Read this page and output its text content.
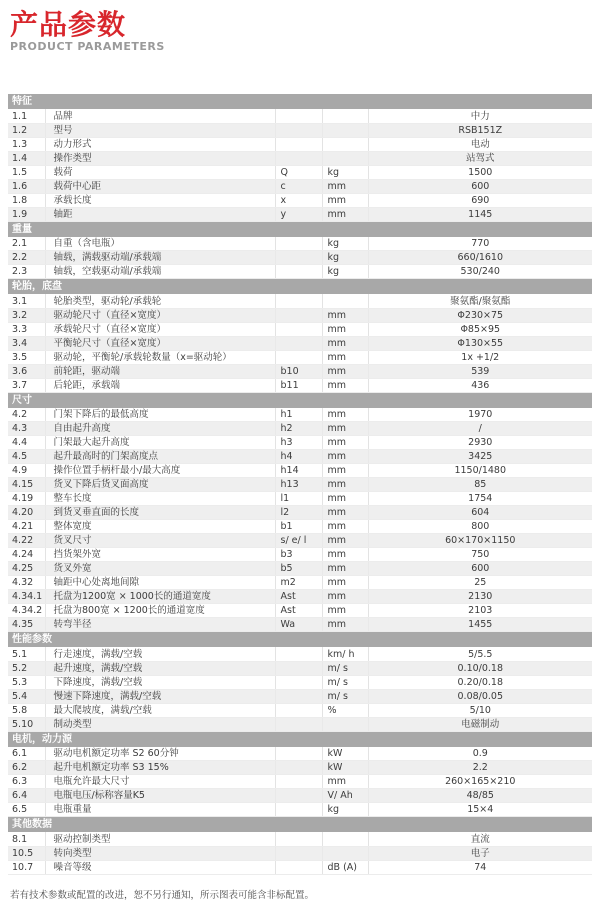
产品参数
PRODUCT PARAMETERS
特征				
1.1	品牌			中力
1.2	型号			RSB151Z
1.3	动力形式			电动
1.4	操作类型			站驾式
1.5	载荷	Q	kg	1500
1.6	载荷中心距	c	mm	600
1.8	承载长度	x	mm	690
1.9	轴距	y	mm	1145
重量				
2.1	自重（含电瓶）		kg	770
2.2	轴载，满载驱动端/承载端		kg	660/1610
2.3	轴载，空载驱动端/承载端		kg	530/240
轮胎，底盘				
3.1	轮胎类型，驱动轮/承载轮			聚氨酯/聚氨酯
3.2	驱动轮尺寸（直径×宽度）		mm	Φ230×75
3.3	承载轮尺寸（直径×宽度）		mm	Φ85×95
3.4	平衡轮尺寸（直径×宽度）		mm	Φ130×55
3.5	驱动轮，平衡轮/承载轮数量（x=驱动轮）		mm	1x +1/2
3.6	前轮距，驱动端	b10	mm	539
3.7	后轮距，承载端	b11	mm	436
尺寸				
4.2	门架下降后的最低高度	h1	mm	1970
4.3	自由起升高度	h2	mm	/
4.4	门架最大起升高度	h3	mm	2930
4.5	起升最高时的门架高度点	h4	mm	3425
4.9	操作位置手柄杆最小/最大高度	h14	mm	1150/1480
4.15	货叉下降后货叉面高度	h13	mm	85
4.19	整车长度	l1	mm	1754
4.20	到货叉垂直面的长度	l2	mm	604
4.21	整体宽度	b1	mm	800
4.22	货叉尺寸	s/ e/ l	mm	60×170×1150
4.24	挡货架外宽	b3	mm	750
4.25	货叉外宽	b5	mm	600
4.32	轴距中心处离地间隙	m2	mm	25
4.34.1	托盘为1200宽 × 1000长的通道宽度	Ast	mm	2130
4.34.2	托盘为800宽 × 1200长的通道宽度	Ast	mm	2103
4.35	转弯半径	Wa	mm	1455
性能参数				
5.1	行走速度，满载/空载		km/ h	5/5.5
5.2	起升速度，满载/空载		m/ s	0.10/0.18
5.3	下降速度，满载/空载		m/ s	0.20/0.18
5.4	慢速下降速度，满载/空载		m/ s	0.08/0.05
5.8	最大爬坡度，满载/空载		%	5/10
5.10	制动类型			电磁制动
电机，动力源				
6.1	驱动电机额定功率 S2 60分钟		kW	0.9
6.2	起升电机额定功率 S3 15%		kW	2.2
6.3	电瓶允许最大尺寸		mm	260×165×210
6.4	电瓶电压/标称容量K5		V/ Ah	48/85
6.5	电瓶重量		kg	15×4
其他数据				
8.1	驱动控制类型			直流
10.5	转向类型			电子
10.7	噪音等级		dB (A)	74
若有技术参数或配置的改进，恕不另行通知，所示图表可能含非标配置。
